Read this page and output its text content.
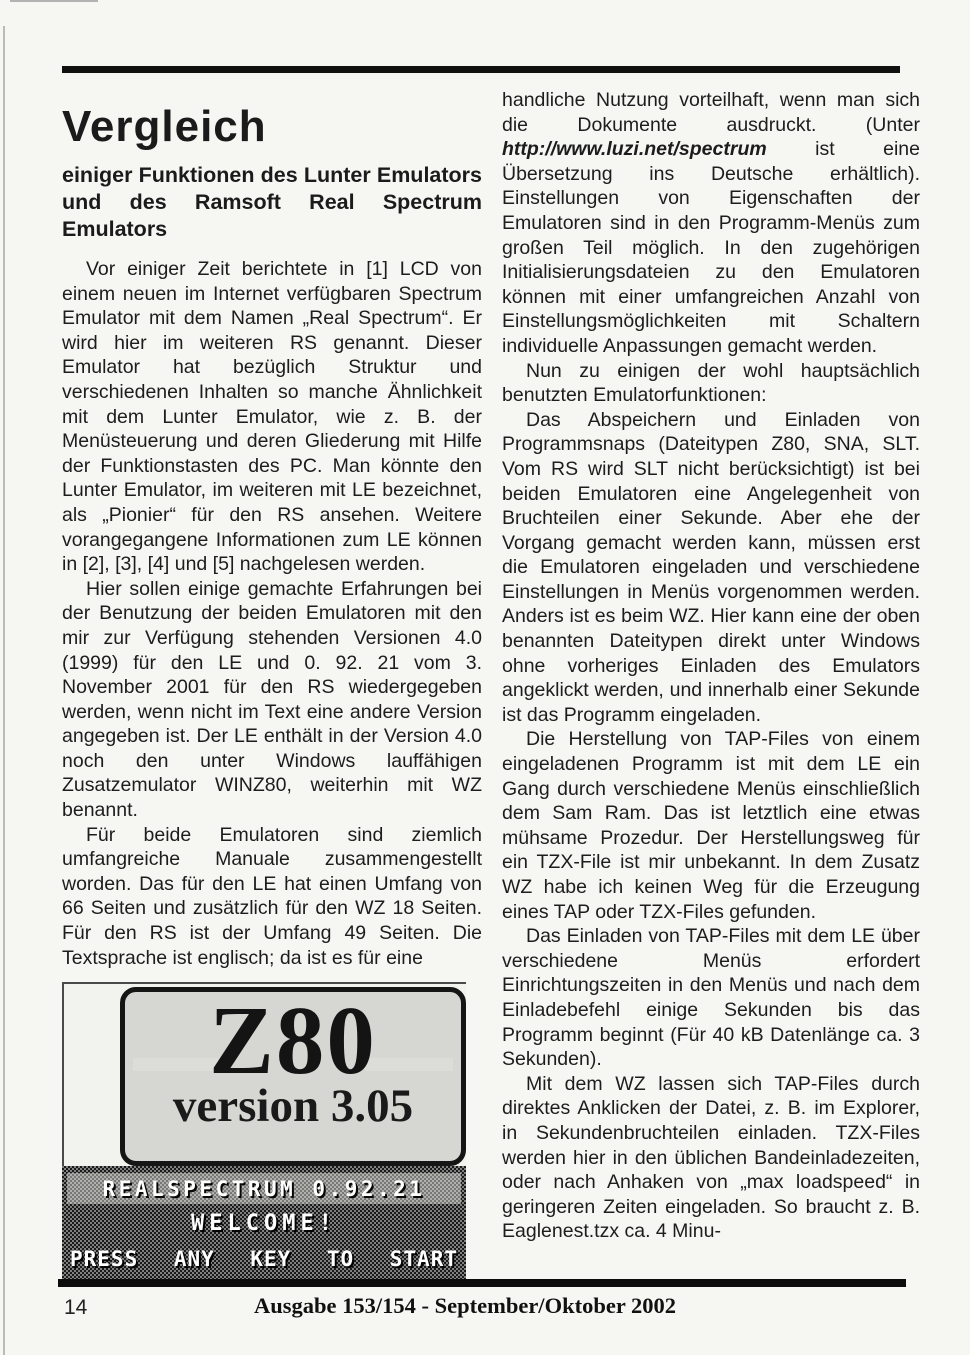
Vergleich
einiger Funktionen des Lunter Emulators
und des Ramsoft Real Spectrum Emulators

Vor einiger Zeit berichtete in [1] LCD von einem neuen im Internet verfügbaren Spectrum Emulator mit dem Namen „Real Spectrum“. Er wird hier im weiteren RS genannt. Dieser Emulator hat bezüglich Struktur und verschiedenen Inhalten so manche Ähnlichkeit mit dem Lunter Emulator, wie z. B. der Menüsteuerung und deren Gliederung mit Hilfe der Funktionstasten des PC. Man könnte den Lunter Emulator, im weiteren mit LE bezeichnet, als „Pionier“ für den RS ansehen. Weitere vorangegangene Informationen zum LE können in [2], [3], [4] und [5] nachgelesen werden.

Hier sollen einige gemachte Erfahrungen bei der Benutzung der beiden Emulatoren mit den mir zur Verfügung stehenden Versionen 4.0 (1999) für den LE und 0. 92. 21 vom 3. November 2001 für den RS wiedergegeben werden, wenn nicht im Text eine andere Version angegeben ist. Der LE enthält in der Version 4.0 noch den unter Windows lauffähigen Zusatzemulator WINZ80, weiterhin mit WZ benannt.

Für beide Emulatoren sind ziemlich umfangreiche Manuale zusammengestellt worden. Das für den LE hat einen Umfang von 66 Seiten und zusätzlich für den WZ 18 Seiten. Für den RS ist der Umfang 49 Seiten. Die Textsprache ist englisch; da ist es für eine

Z80
version 3.05
REALSPECTRUM 0.92.21
WELCOME!
PRESS ANY KEY TO START

handliche Nutzung vorteilhaft, wenn man sich die Dokumente ausdruckt. (Unter http://www.luzi.net/spectrum ist eine Übersetzung ins Deutsche erhältlich). Einstellungen von Eigenschaften der Emulatoren sind in den Programm-Menüs zum großen Teil möglich. In den zugehörigen Initialisierungsdateien zu den Emulatoren können mit einer umfangreichen Anzahl von Einstellungsmöglichkeiten mit Schaltern individuelle Anpassungen gemacht werden.

Nun zu einigen der wohl hauptsächlich benutzten Emulatorfunktionen:

Das Abspeichern und Einladen von Programmsnaps (Dateitypen Z80, SNA, SLT. Vom RS wird SLT nicht berücksichtigt) ist bei beiden Emulatoren eine Angelegenheit von Bruchteilen einer Sekunde. Aber ehe der Vorgang gemacht werden kann, müssen erst die Emulatoren eingeladen und verschiedene Einstellungen in Menüs vorgenommen werden. Anders ist es beim WZ. Hier kann eine der oben benannten Dateitypen direkt unter Windows ohne vorheriges Einladen des Emulators angeklickt werden, und innerhalb einer Sekunde ist das Programm eingeladen.

Die Herstellung von TAP-Files von einem eingeladenen Programm ist mit dem LE ein Gang durch verschiedene Menüs einschließlich dem Sam Ram. Das ist letztlich eine etwas mühsame Prozedur. Der Herstellungsweg für ein TZX-File ist mir unbekannt. In dem Zusatz WZ habe ich keinen Weg für die Erzeugung eines TAP oder TZX-Files gefunden.

Das Einladen von TAP-Files mit dem LE über verschiedene Menüs erfordert Einrichtungszeiten in den Menüs und nach dem Einladebefehl einige Sekunden bis das Programm beginnt (Für 40 kB Datenlänge ca. 3 Sekunden).

Mit dem WZ lassen sich TAP-Files durch direktes Anklicken der Datei, z. B. im Explorer, in Sekundenbruchteilen einladen. TZX-Files werden hier in den üblichen Bandeinladezeiten, oder nach Anhaken von „max loadspeed“ in geringeren Zeiten eingeladen. So braucht z. B. Eaglenest.tzx ca. 4 Minu-

14	Ausgabe 153/154 - September/Oktober 2002
